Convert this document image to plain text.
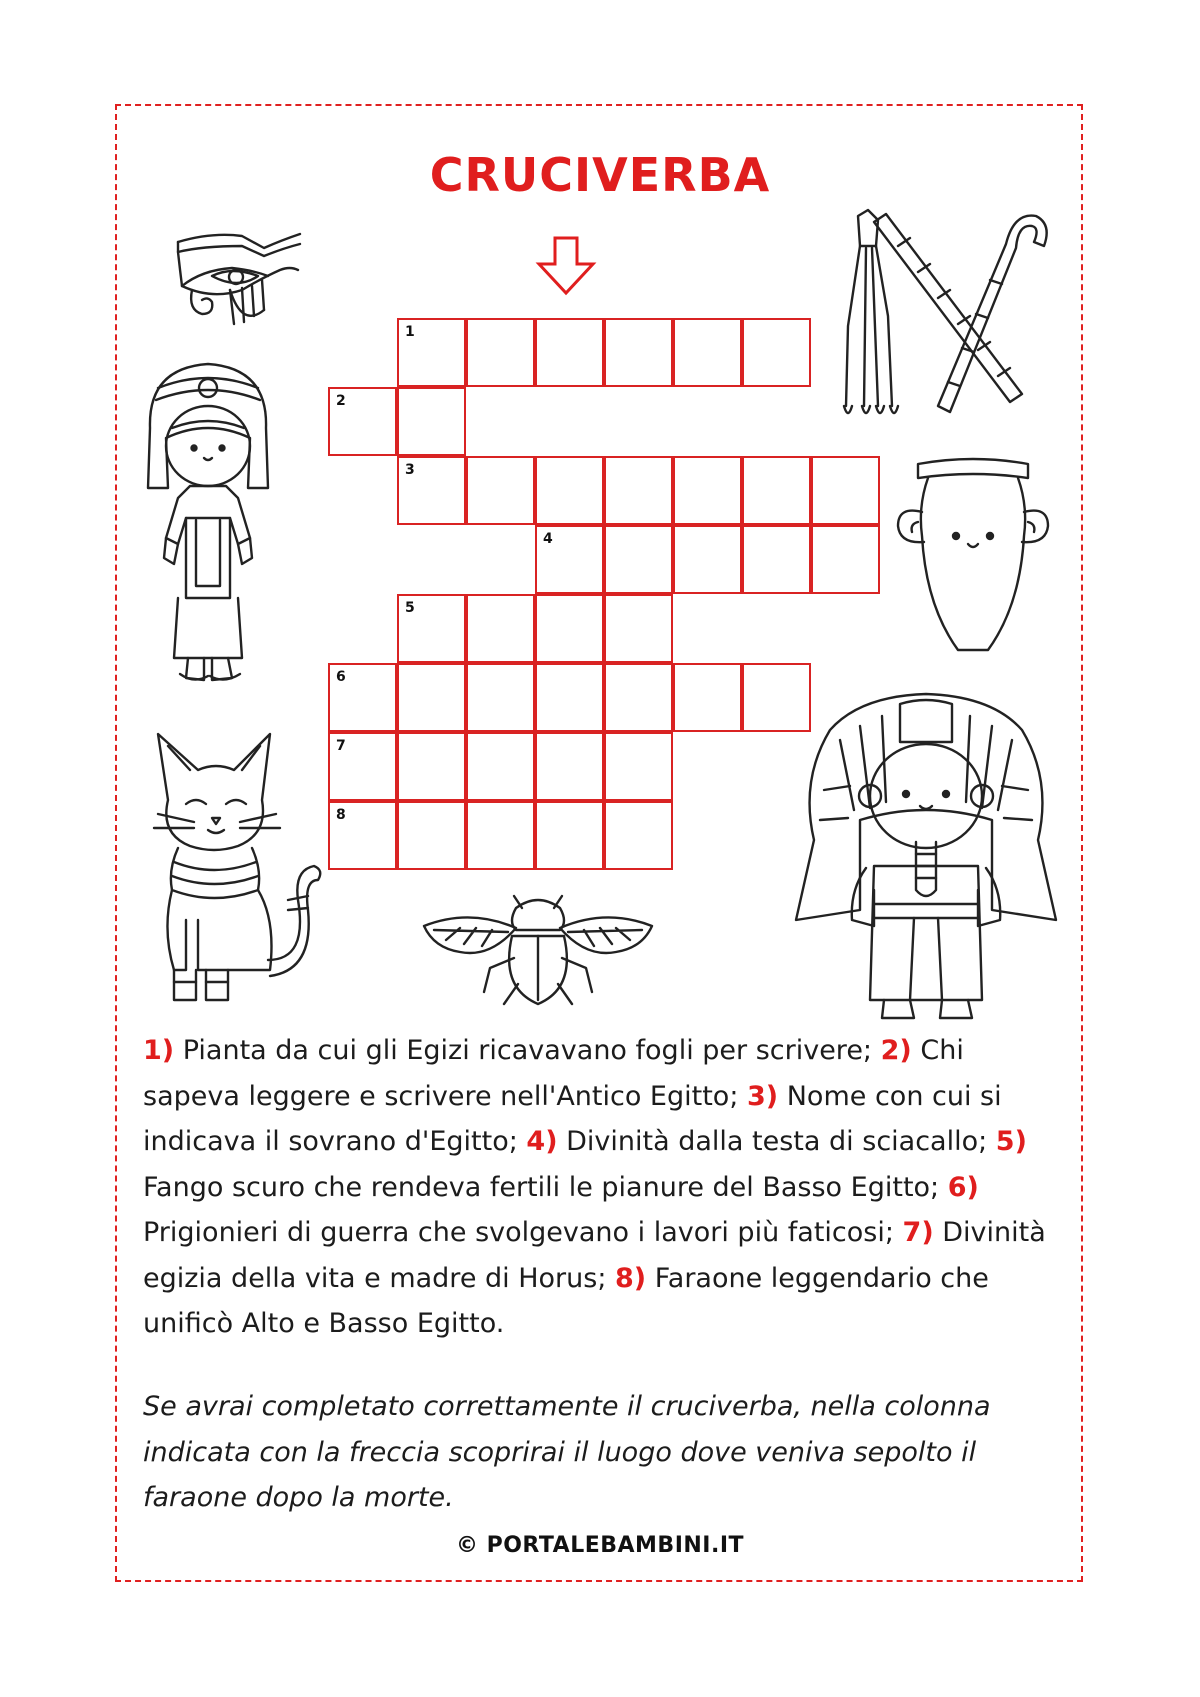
CRUCIVERBA
1
2
3
4
5
6
7
8
1) Pianta da cui gli Egizi ricavavano fogli per scrivere; 2) Chi sapeva leggere e scrivere nell'Antico Egitto; 3) Nome con cui si indicava il sovrano d'Egitto; 4) Divinità dalla testa di sciacallo; 5) Fango scuro che rendeva fertili le pianure del Basso Egitto; 6) Prigionieri di guerra che svolgevano i lavori più faticosi; 7) Divinità egizia della vita e madre di Horus; 8) Faraone leggendario che unificò Alto e Basso Egitto.
Se avrai completato correttamente il cruciverba, nella colonna indicata con la freccia scoprirai il luogo dove veniva sepolto il faraone dopo la morte.
© PORTALEBAMBINI.IT
